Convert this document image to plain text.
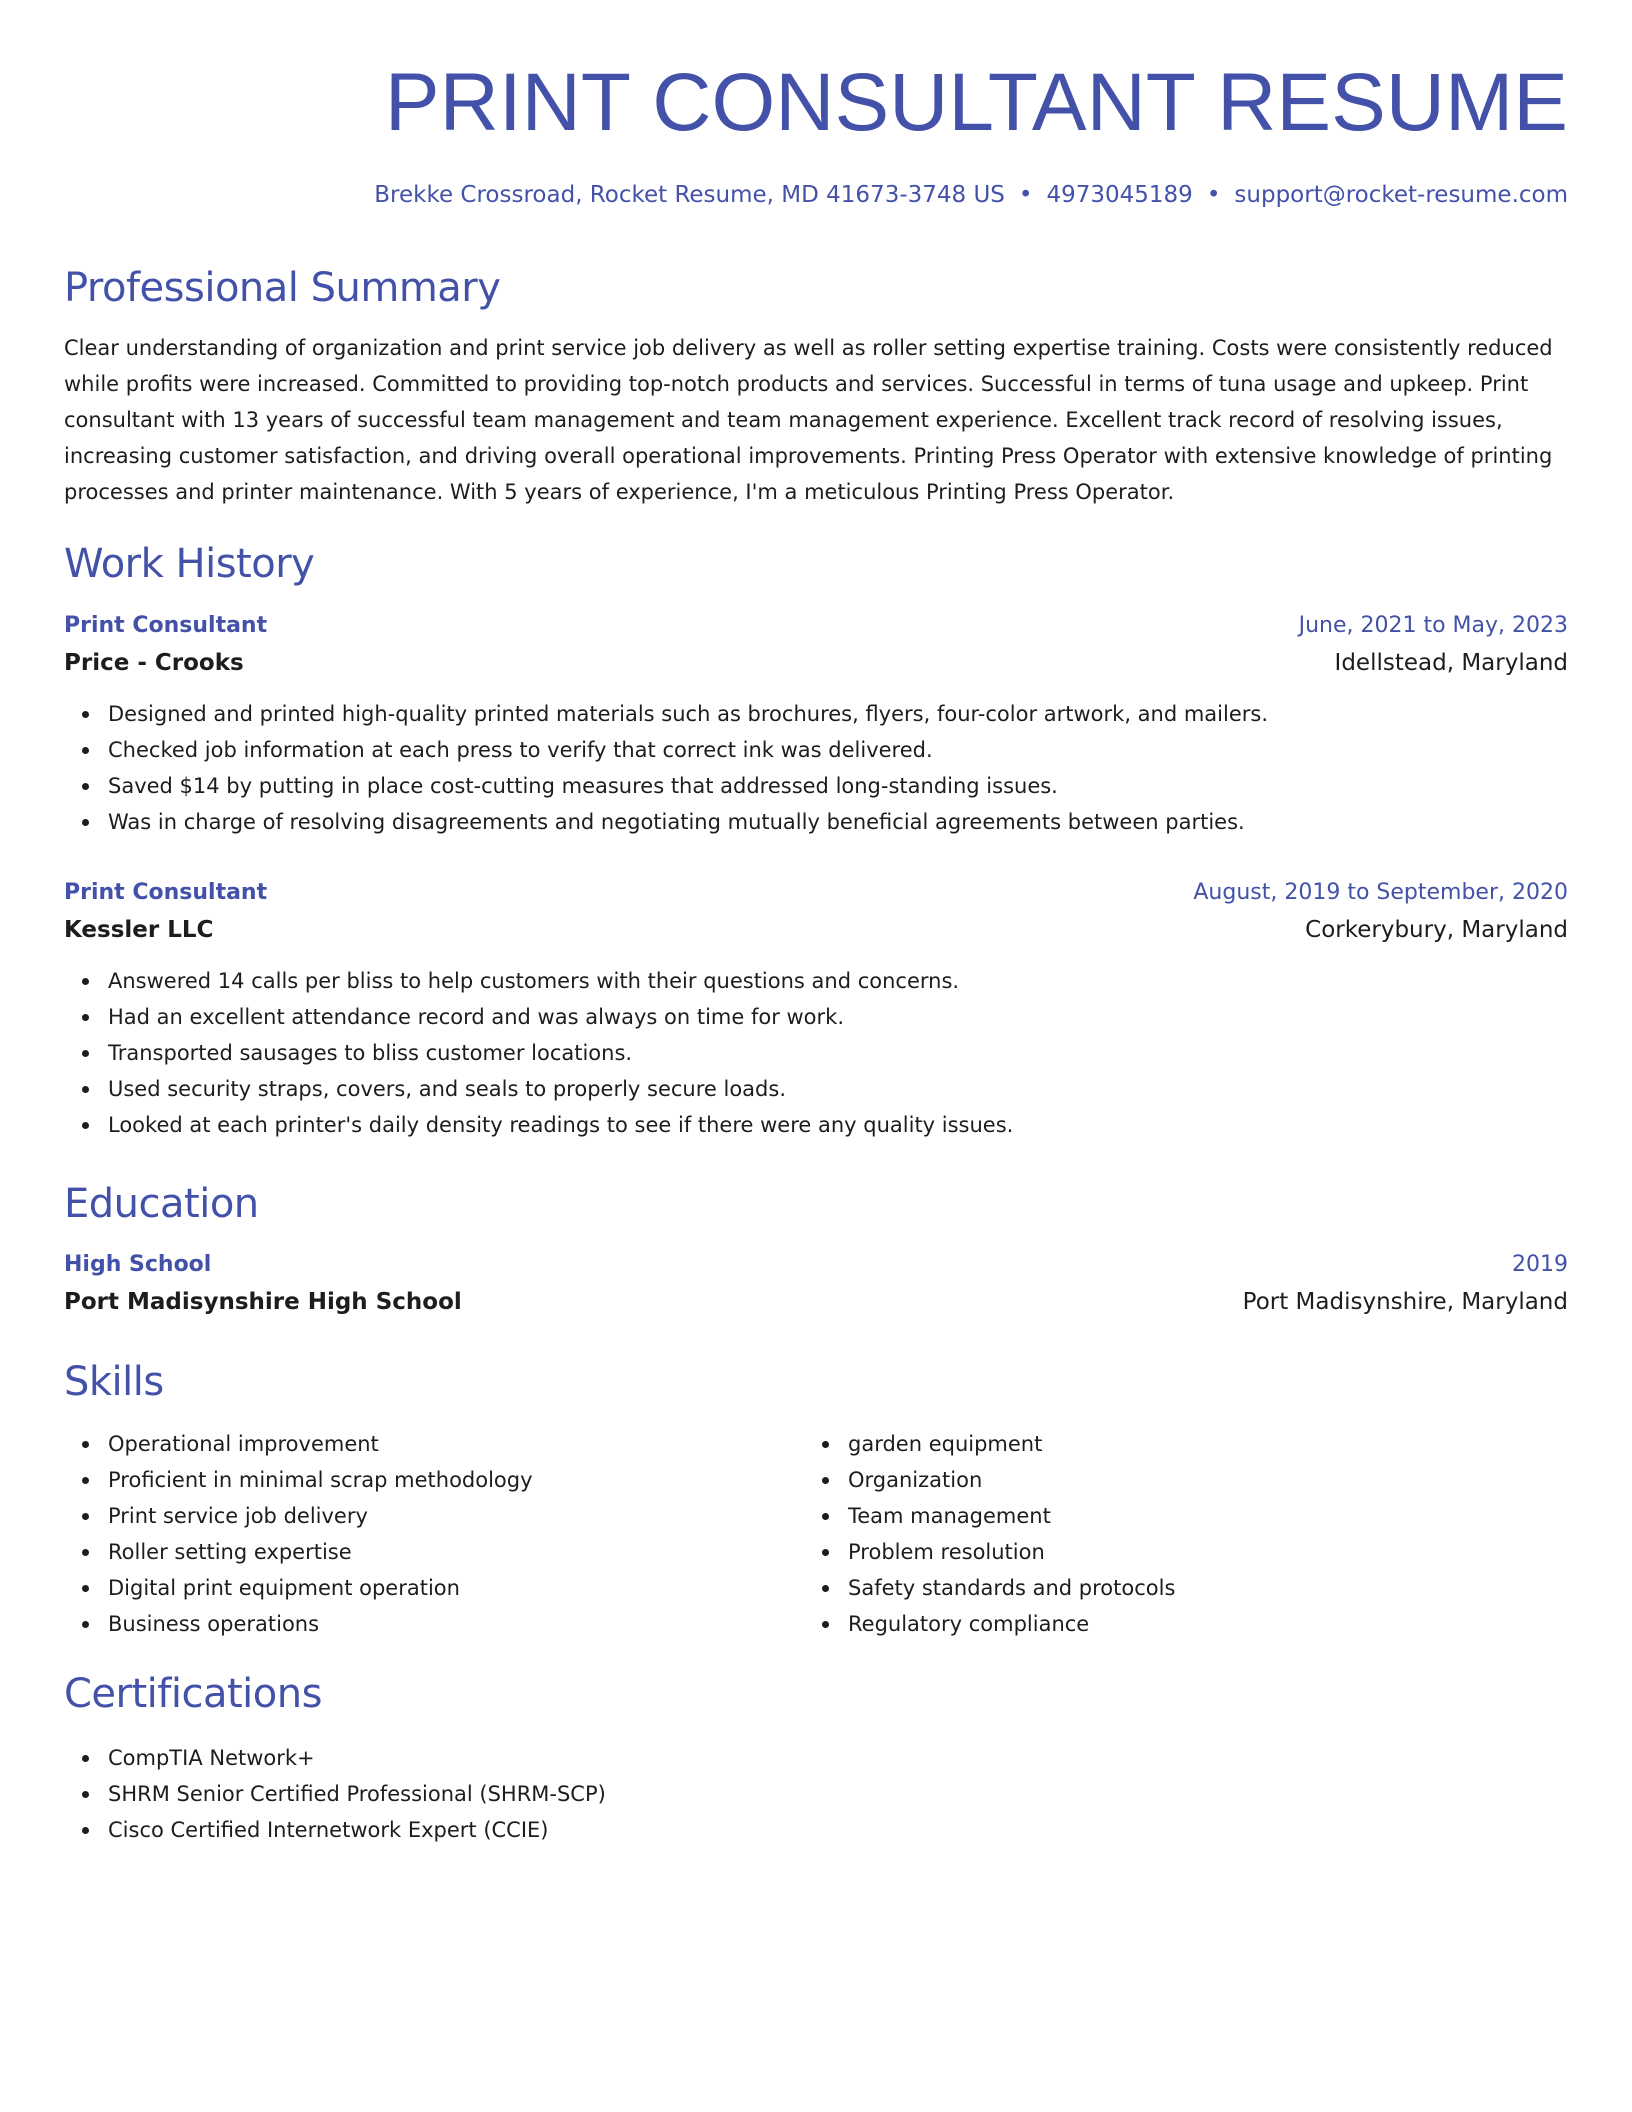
PRINT CONSULTANT RESUME
Brekke Crossroad, Rocket Resume, MD 41673-3748 US • 4973045189 • support@rocket-resume.com
Professional Summary

Clear understanding of organization and print service job delivery as well as roller setting expertise training. Costs were consistently reduced

while profits were increased. Committed to providing top-notch products and services. Successful in terms of tuna usage and upkeep. Print

consultant with 13 years of successful team management and team management experience. Excellent track record of resolving issues,

increasing customer satisfaction, and driving overall operational improvements. Printing Press Operator with extensive knowledge of printing

processes and printer maintenance. With 5 years of experience, I'm a meticulous Printing Press Operator.

Work History
Print Consultant	June, 2021 to May, 2023
Price - Crooks	Idellstead, Maryland
Designed and printed high-quality printed materials such as brochures, flyers, four-color artwork, and mailers.
Checked job information at each press to verify that correct ink was delivered.
Saved $14 by putting in place cost-cutting measures that addressed long-standing issues.
Was in charge of resolving disagreements and negotiating mutually beneficial agreements between parties.
Print Consultant	August, 2019 to September, 2020
Kessler LLC	Corkerybury, Maryland
Answered 14 calls per bliss to help customers with their questions and concerns.
Had an excellent attendance record and was always on time for work.
Transported sausages to bliss customer locations.
Used security straps, covers, and seals to properly secure loads.
Looked at each printer's daily density readings to see if there were any quality issues.
Education
High School	2019
Port Madisynshire High School	Port Madisynshire, Maryland
Skills
Operational improvement
Proficient in minimal scrap methodology
Print service job delivery
Roller setting expertise
Digital print equipment operation
Business operations
garden equipment
Organization
Team management
Problem resolution
Safety standards and protocols
Regulatory compliance
Certifications
CompTIA Network+
SHRM Senior Certified Professional (SHRM-SCP)
Cisco Certified Internetwork Expert (CCIE)
